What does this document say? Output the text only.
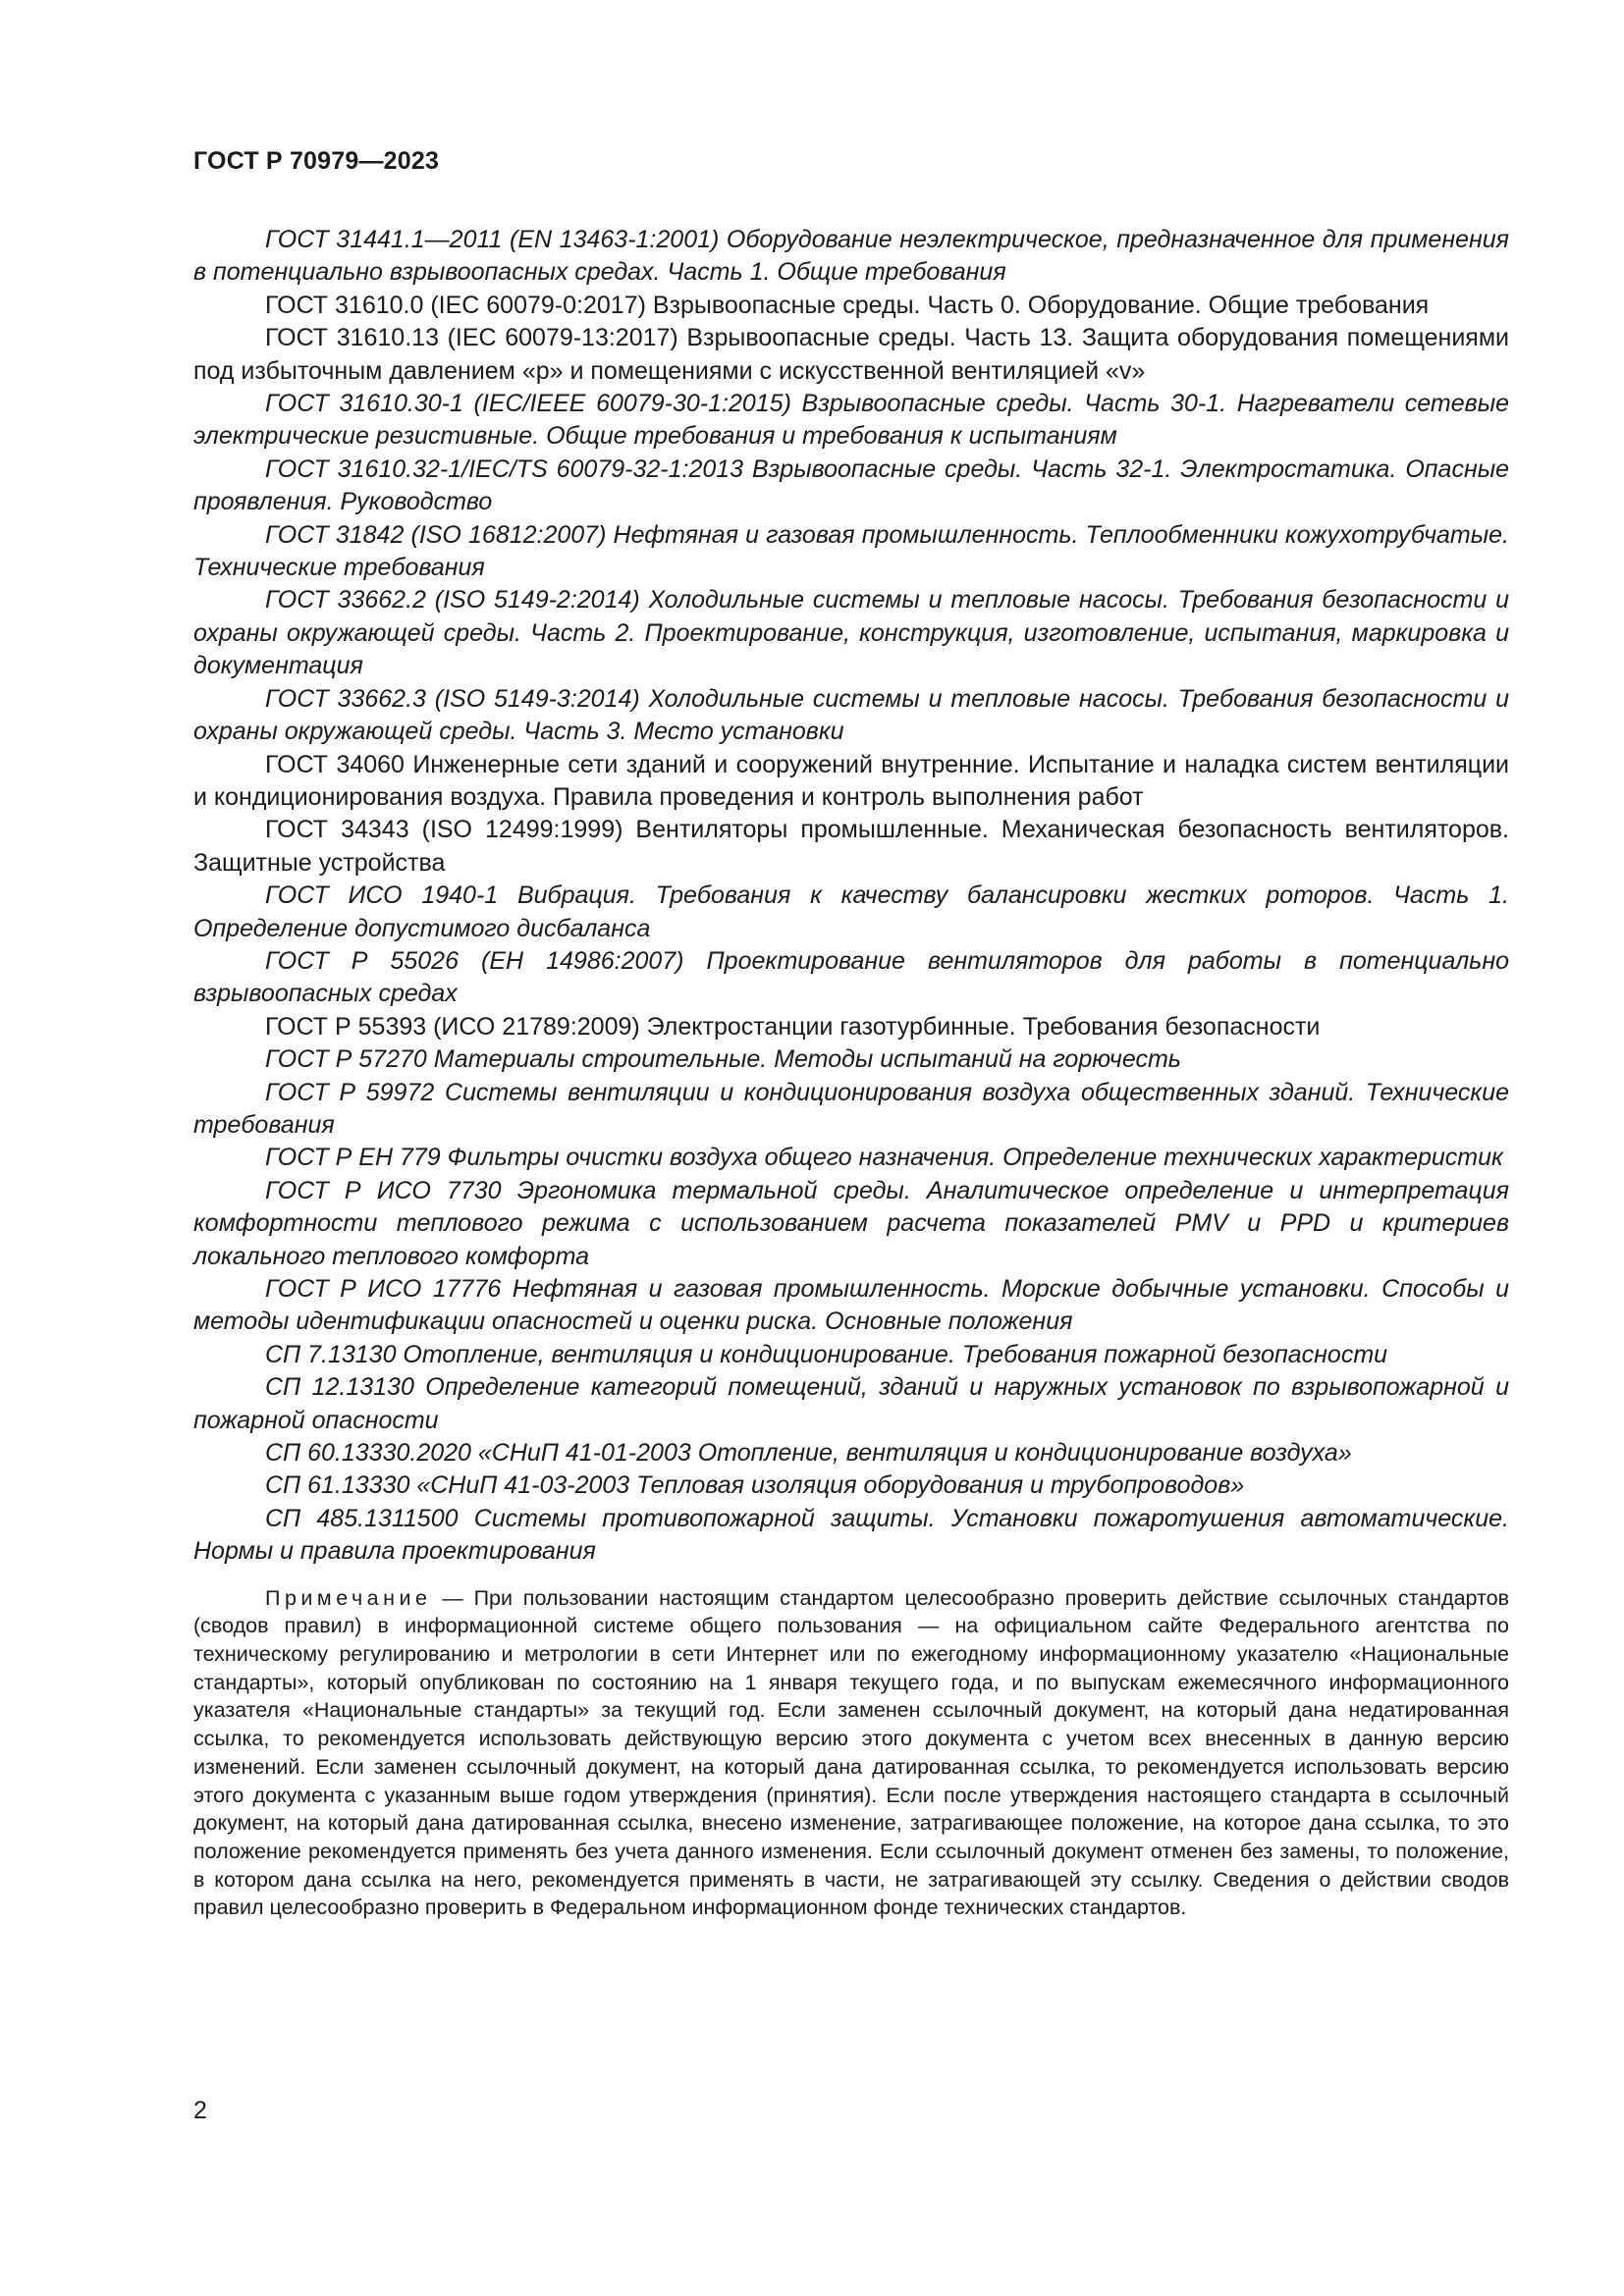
ГОСТ Р 70979—2023

ГОСТ 31441.1—2011 (EN 13463-1:2001) Оборудование неэлектрическое, предназначенное для применения в потенциально взрывоопасных средах. Часть 1. Общие требования

ГОСТ 31610.0 (IEC 60079-0:2017) Взрывоопасные среды. Часть 0. Оборудование. Общие требования

ГОСТ 31610.13 (IEC 60079-13:2017) Взрывоопасные среды. Часть 13. Защита оборудования помещениями под избыточным давлением «р» и помещениями с искусственной вентиляцией «v»

ГОСТ 31610.30-1 (IEC/IEEE 60079-30-1:2015) Взрывоопасные среды. Часть 30-1. Нагреватели сетевые электрические резистивные. Общие требования и требования к испытаниям

ГОСТ 31610.32-1/IEC/TS 60079-32-1:2013 Взрывоопасные среды. Часть 32-1. Электростатика. Опасные проявления. Руководство

ГОСТ 31842 (ISO 16812:2007) Нефтяная и газовая промышленность. Теплообменники кожухотрубчатые. Технические требования

ГОСТ 33662.2 (ISO 5149-2:2014) Холодильные системы и тепловые насосы. Требования безопасности и охраны окружающей среды. Часть 2. Проектирование, конструкция, изготовление, испытания, маркировка и документация

ГОСТ 33662.3 (ISO 5149-3:2014) Холодильные системы и тепловые насосы. Требования безопасности и охраны окружающей среды. Часть 3. Место установки

ГОСТ 34060 Инженерные сети зданий и сооружений внутренние. Испытание и наладка систем вентиляции и кондиционирования воздуха. Правила проведения и контроль выполнения работ

ГОСТ 34343 (ISO 12499:1999) Вентиляторы промышленные. Механическая безопасность вентиляторов. Защитные устройства

ГОСТ ИСО 1940-1 Вибрация. Требования к качеству балансировки жестких роторов. Часть 1. Определение допустимого дисбаланса

ГОСТ Р 55026 (ЕН 14986:2007) Проектирование вентиляторов для работы в потенциально взрывоопасных средах

ГОСТ Р 55393 (ИСО 21789:2009) Электростанции газотурбинные. Требования безопасности

ГОСТ Р 57270 Материалы строительные. Методы испытаний на горючесть

ГОСТ Р 59972 Системы вентиляции и кондиционирования воздуха общественных зданий. Технические требования

ГОСТ Р ЕН 779 Фильтры очистки воздуха общего назначения. Определение технических характеристик

ГОСТ Р ИСО 7730 Эргономика термальной среды. Аналитическое определение и интерпретация комфортности теплового режима с использованием расчета показателей PMV и PPD и критериев локального теплового комфорта

ГОСТ Р ИСО 17776 Нефтяная и газовая промышленность. Морские добычные установки. Способы и методы идентификации опасностей и оценки риска. Основные положения

СП 7.13130 Отопление, вентиляция и кондиционирование. Требования пожарной безопасности

СП 12.13130 Определение категорий помещений, зданий и наружных установок по взрывопожарной и пожарной опасности

СП 60.13330.2020 «СНиП 41-01-2003 Отопление, вентиляция и кондиционирование воздуха»

СП 61.13330 «СНиП 41-03-2003 Тепловая изоляция оборудования и трубопроводов»

СП 485.1311500 Системы противопожарной защиты. Установки пожаротушения автоматические. Нормы и правила проектирования

Примечание — При пользовании настоящим стандартом целесообразно проверить действие ссылочных стандартов (сводов правил) в информационной системе общего пользования — на официальном сайте Федерального агентства по техническому регулированию и метрологии в сети Интернет или по ежегодному информационному указателю «Национальные стандарты», который опубликован по состоянию на 1 января текущего года, и по выпускам ежемесячного информационного указателя «Национальные стандарты» за текущий год. Если заменен ссылочный документ, на который дана недатированная ссылка, то рекомендуется использовать действующую версию этого документа с учетом всех внесенных в данную версию изменений. Если заменен ссылочный документ, на который дана датированная ссылка, то рекомендуется использовать версию этого документа с указанным выше годом утверждения (принятия). Если после утверждения настоящего стандарта в ссылочный документ, на который дана датированная ссылка, внесено изменение, затрагивающее положение, на которое дана ссылка, то это положение рекомендуется применять без учета данного изменения. Если ссылочный документ отменен без замены, то положение, в котором дана ссылка на него, рекомендуется применять в части, не затрагивающей эту ссылку. Сведения о действии сводов правил целесообразно проверить в Федеральном информационном фонде технических стандартов.

2
